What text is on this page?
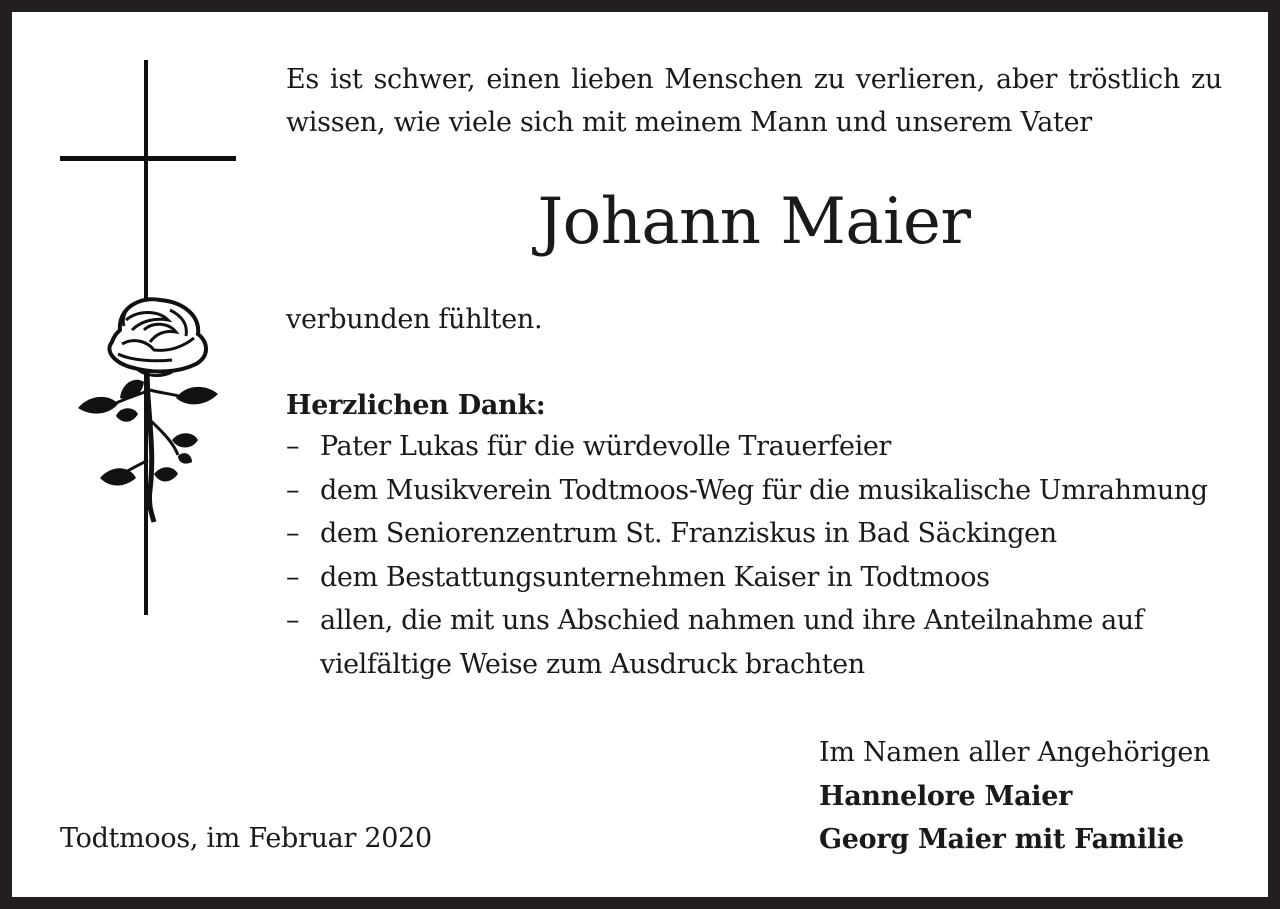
Es ist schwer, einen lieben Menschen zu verlieren, aber tröstlich zu wissen, wie viele sich mit meinem Mann und unserem Vater
Johann Maier
verbunden fühlten.
Herzlichen Dank:
– Pater Lukas für die würdevolle Trauerfeier
– dem Musikverein Todtmoos-Weg für die musikalische Umrahmung
– dem Seniorenzentrum St. Franziskus in Bad Säckingen
– dem Bestattungsunternehmen Kaiser in Todtmoos
– allen, die mit uns Abschied nahmen und ihre Anteilnahme auf vielfältige Weise zum Ausdruck brachten
Todtmoos, im Februar 2020
Im Namen aller Angehörigen
Hannelore Maier
Georg Maier mit Familie
